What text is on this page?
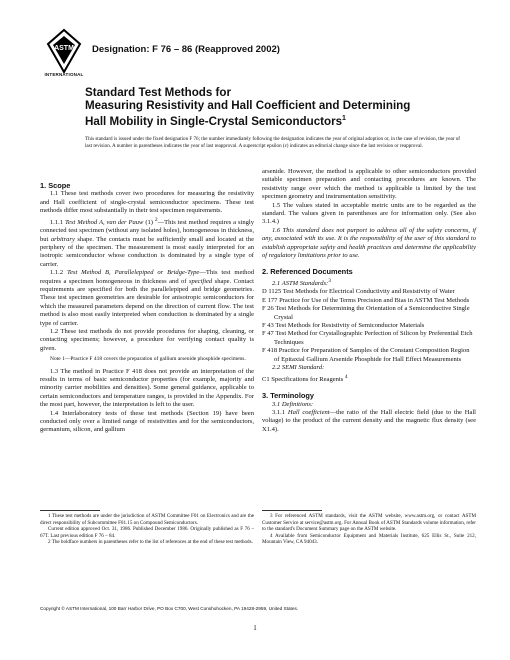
ASTM
INTERNATIONAL
Designation: F 76 – 86 (Reapproved 2002)
Standard Test Methods for
Measuring Resistivity and Hall Coefficient and Determining
Hall Mobility in Single-Crystal Semiconductors$^1$
This standard is issued under the fixed designation F 76; the number immediately following the designation indicates the year of original adoption or, in the case of revision, the year of last revision. A number in parentheses indicates the year of last reapproval. A superscript epsilon (ε) indicates an editorial change since the last revision or reapproval.

1. Scope

1.1 These test methods cover two procedures for measuring the resistivity and Hall coefficient of single-crystal semiconductor specimens. These test methods differ most substantially in their test specimen requirements.

1.1.1 Test Method A, van der Pauw (1) $^2$—This test method requires a singly connected test specimen (without any isolated holes), homogeneous in thickness, but arbitrary shape. The contacts must be sufficiently small and located at the periphery of the specimen. The measurement is most easily interpreted for an isotropic semiconductor whose conduction is dominated by a single type of carrier.

1.1.2 Test Method B, Parallelepiped or Bridge-Type—This test method requires a specimen homogeneous in thickness and of specified shape. Contact requirements are specified for both the parallelepiped and bridge geometries. These test specimen geometries are desirable for anisotropic semiconductors for which the measured parameters depend on the direction of current flow. The test method is also most easily interpreted when conduction is dominated by a single type of carrier.

1.2 These test methods do not provide procedures for shaping, cleaning, or contacting specimens; however, a procedure for verifying contact quality is given.

Note 1—Practice F 418 covers the preparation of gallium arsenide phosphide specimens.

1.3 The method in Practice F 418 does not provide an interpretation of the results in terms of basic semiconductor properties (for example, majority and minority carrier mobilities and densities). Some general guidance, applicable to certain semiconductors and temperature ranges, is provided in the Appendix. For the most part, however, the interpretation is left to the user.

1.4 Interlaboratory tests of these test methods (Section 19) have been conducted only over a limited range of resistivities and for the semiconductors, germanium, silicon, and gallium

1 These test methods are under the jurisdiction of ASTM Committee F01 on Electronics and are the direct responsibility of Subcommittee F01.15 on Compound Semiconductors.

Current edition approved Oct. 31, 1986. Published December 1986. Originally published as F 76 – 67T. Last previous edition F 76 – 84.

2 The boldface numbers in parentheses refer to the list of references at the end of these test methods.

arsenide. However, the method is applicable to other semiconductors provided suitable specimen preparation and contacting procedures are known. The resistivity range over which the method is applicable is limited by the test specimen geometry and instrumentation sensitivity.

1.5 The values stated in acceptable metric units are to be regarded as the standard. The values given in parentheses are for information only. (See also 3.1.4.)

1.6 This standard does not purport to address all of the safety concerns, if any, associated with its use. It is the responsibility of the user of this standard to establish appropriate safety and health practices and determine the applicability of regulatory limitations prior to use.

2. Referenced Documents

2.1 ASTM Standards:$^3$

D 1125 Test Methods for Electrical Conductivity and Resistivity of Water

E 177 Practice for Use of the Terms Precision and Bias in ASTM Test Methods

F 26 Test Methods for Determining the Orientation of a Semiconductive Single Crystal

F 43 Test Methods for Resistivity of Semiconductor Materials

F 47 Test Method for Crystallographic Perfection of Silicon by Preferential Etch Techniques

F 418 Practice for Preparation of Samples of the Constant Composition Region of Epitaxial Gallium Arsenide Phosphide for Hall Effect Measurements

2.2 SEMI Standard:

C1 Specifications for Reagents $^4$

3. Terminology

3.1 Definitions:

3.1.1 Hall coefficient—the ratio of the Hall electric field (due to the Hall voltage) to the product of the current density and the magnetic flux density (see X1.4).

3 For referenced ASTM standards, visit the ASTM website, www.astm.org, or contact ASTM Customer Service at service@astm.org. For Annual Book of ASTM Standards volume information, refer to the standard's Document Summary page on the ASTM website.

4 Available from Semiconductor Equipment and Materials Institute, 625 Ellis St., Suite 212, Mountain View, CA 94043.

Copyright © ASTM International, 100 Barr Harbor Drive, PO Box C700, West Conshohocken, PA 19428-2959, United States.
1
